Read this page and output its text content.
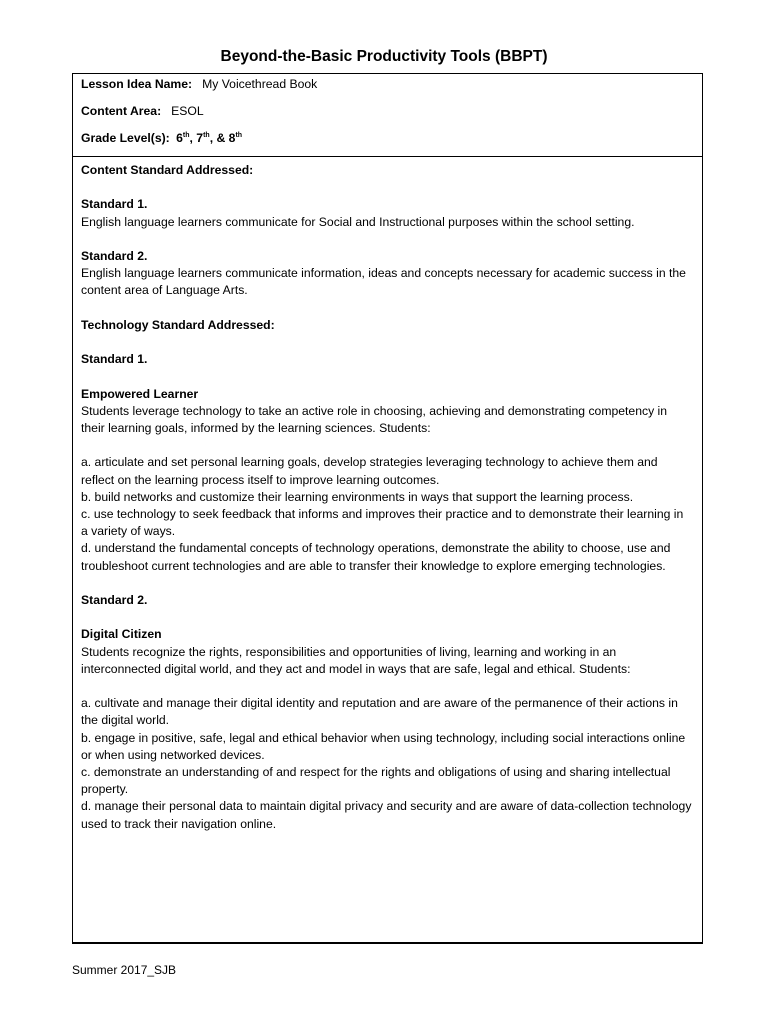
Beyond-the-Basic Productivity Tools (BBPT)
Lesson Idea Name: My Voicethread Book
Content Area: ESOL
Grade Level(s): 6th, 7th, & 8th

Content Standard Addressed:

Standard 1.

English language learners communicate for Social and Instructional purposes within the school setting.

Standard 2.

English language learners communicate information, ideas and concepts necessary for academic success in the content area of Language Arts.

Technology Standard Addressed:

Standard 1.

Empowered Learner

Students leverage technology to take an active role in choosing, achieving and demonstrating competency in their learning goals, informed by the learning sciences. Students:

a. articulate and set personal learning goals, develop strategies leveraging technology to achieve them and reflect on the learning process itself to improve learning outcomes.

b. build networks and customize their learning environments in ways that support the learning process.

c. use technology to seek feedback that informs and improves their practice and to demonstrate their learning in a variety of ways.

d. understand the fundamental concepts of technology operations, demonstrate the ability to choose, use and troubleshoot current technologies and are able to transfer their knowledge to explore emerging technologies.

Standard 2.

Digital Citizen

Students recognize the rights, responsibilities and opportunities of living, learning and working in an interconnected digital world, and they act and model in ways that are safe, legal and ethical. Students:

a. cultivate and manage their digital identity and reputation and are aware of the permanence of their actions in the digital world.

b. engage in positive, safe, legal and ethical behavior when using technology, including social interactions online or when using networked devices.

c. demonstrate an understanding of and respect for the rights and obligations of using and sharing intellectual property.

d. manage their personal data to maintain digital privacy and security and are aware of data-collection technology used to track their navigation online.

Summer 2017_SJB
